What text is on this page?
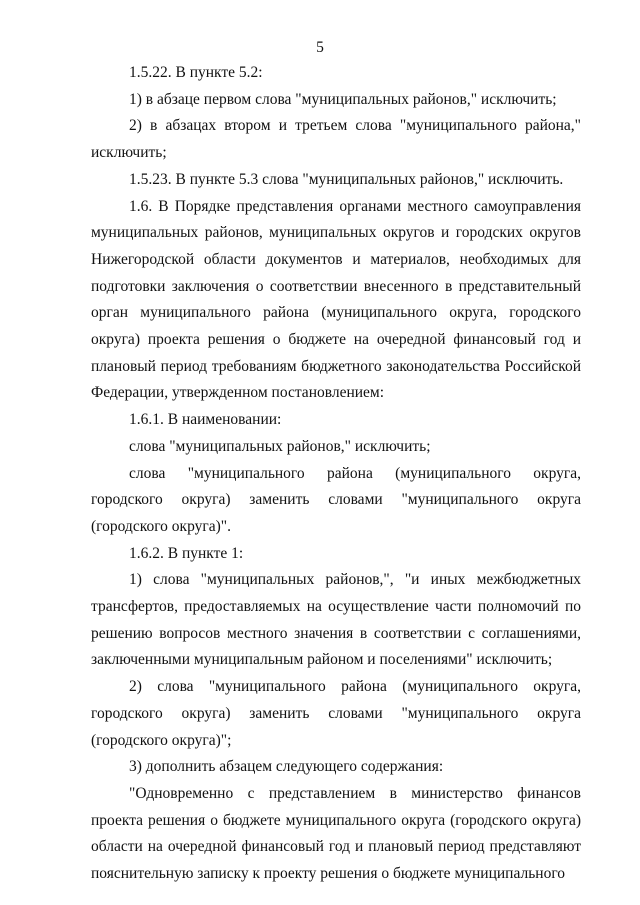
5

1.5.22. В пункте 5.2:

1) в абзаце первом слова "муниципальных районов," исключить;

2) в абзацах втором и третьем слова "муниципального района," исключить;

1.5.23. В пункте 5.3 слова "муниципальных районов," исключить.

1.6. В Порядке представления органами местного самоуправления муниципальных районов, муниципальных округов и городских округов Нижегородской области документов и материалов, необходимых для подготовки заключения о соответствии внесенного в представительный орган муниципального района (муниципального округа, городского округа) проекта решения о бюджете на очередной финансовый год и плановый период требованиям бюджетного законодательства Российской Федерации, утвержденном постановлением:

1.6.1. В наименовании:

слова "муниципальных районов," исключить;

слова "муниципального района (муниципального округа, городского округа) заменить словами "муниципального округа (городского округа)".

1.6.2. В пункте 1:

1) слова "муниципальных районов,", "и иных межбюджетных трансфертов, предоставляемых на осуществление части полномочий по решению вопросов местного значения в соответствии с соглашениями, заключенными муниципальным районом и поселениями" исключить;

2) слова "муниципального района (муниципального округа, городского округа) заменить словами "муниципального округа (городского округа)";

3) дополнить абзацем следующего содержания:

"Одновременно с представлением в министерство финансов проекта решения о бюджете муниципального округа (городского округа) области на очередной финансовый год и плановый период представляют пояснительную записку к проекту решения о бюджете муниципального
